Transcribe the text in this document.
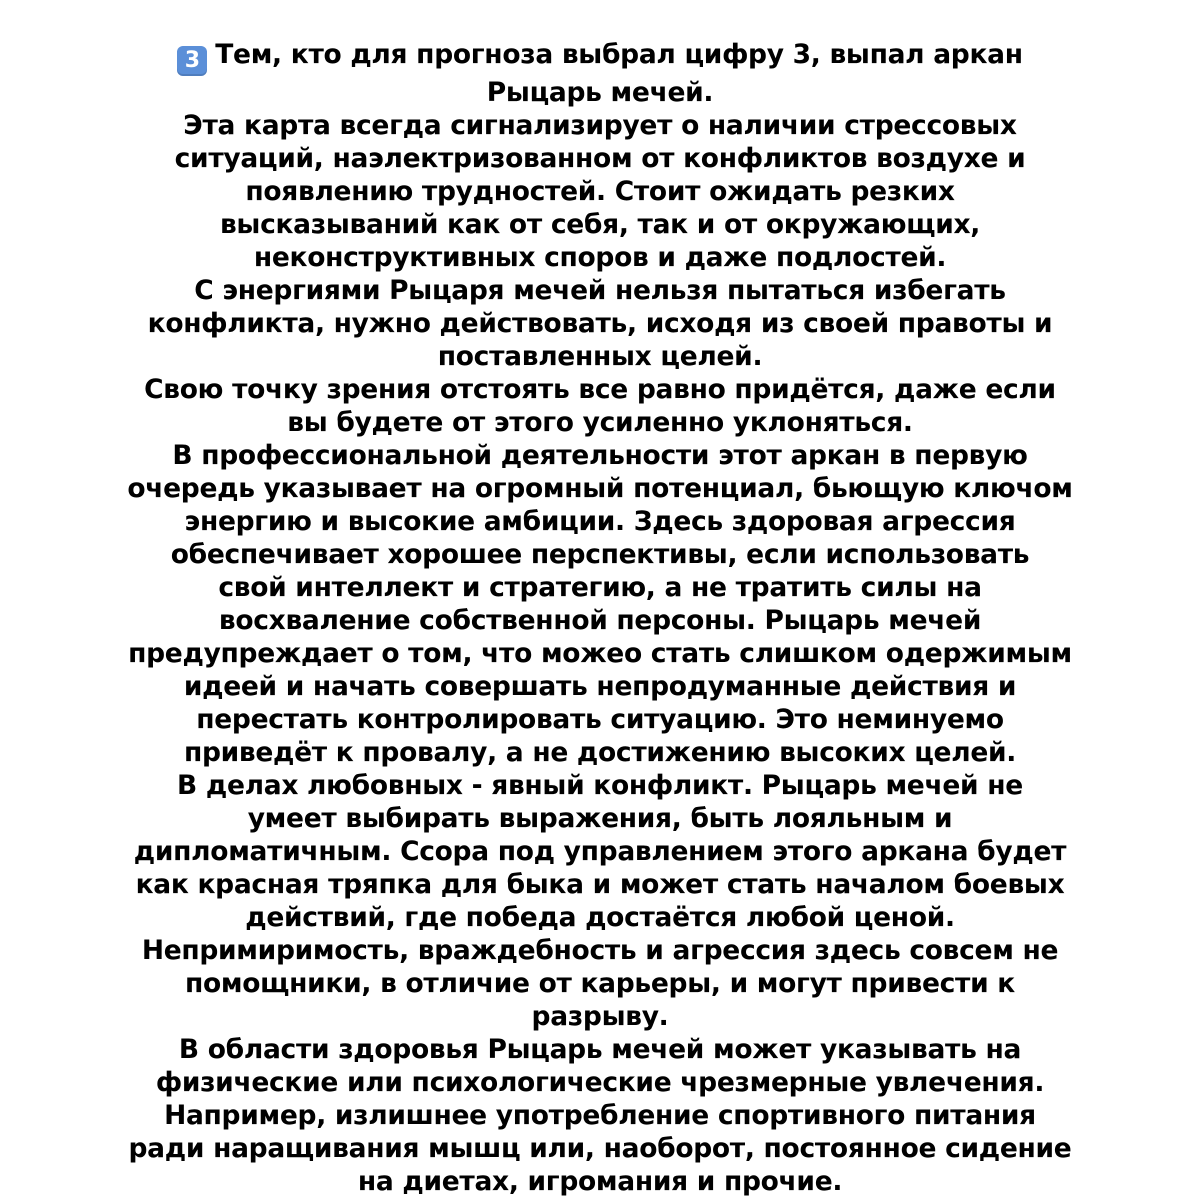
3 Тем, кто для прогноза выбрал цифру 3, выпал аркан
Рыцарь мечей.
Эта карта всегда сигнализирует о наличии стрессовых
ситуаций, наэлектризованном от конфликтов воздухе и
появлению трудностей. Стоит ожидать резких
высказываний как от себя, так и от окружающих,
неконструктивных споров и даже подлостей.
С энергиями Рыцаря мечей нельзя пытаться избегать
конфликта, нужно действовать, исходя из своей правоты и
поставленных целей.
Свою точку зрения отстоять все равно придётся, даже если
вы будете от этого усиленно уклоняться.
В профессиональной деятельности этот аркан в первую
очередь указывает на огромный потенциал, бьющую ключом
энергию и высокие амбиции. Здесь здоровая агрессия
обеспечивает хорошее перспективы, если использовать
свой интеллект и стратегию, а не тратить силы на
восхваление собственной персоны. Рыцарь мечей
предупреждает о том, что можео стать слишком одержимым
идеей и начать совершать непродуманные действия и
перестать контролировать ситуацию. Это неминуемо
приведёт к провалу, а не достижению высоких целей.
В делах любовных - явный конфликт. Рыцарь мечей не
умеет выбирать выражения, быть лояльным и
дипломатичным. Ссора под управлением этого аркана будет
как красная тряпка для быка и может стать началом боевых
действий, где победа достаётся любой ценой.
Непримиримость, враждебность и агрессия здесь совсем не
помощники, в отличие от карьеры, и могут привести к
разрыву.
В области здоровья Рыцарь мечей может указывать на
физические или психологические чрезмерные увлечения.
Например, излишнее употребление спортивного питания
ради наращивания мышц или, наоборот, постоянное сидение
на диетах, игромания и прочие.
